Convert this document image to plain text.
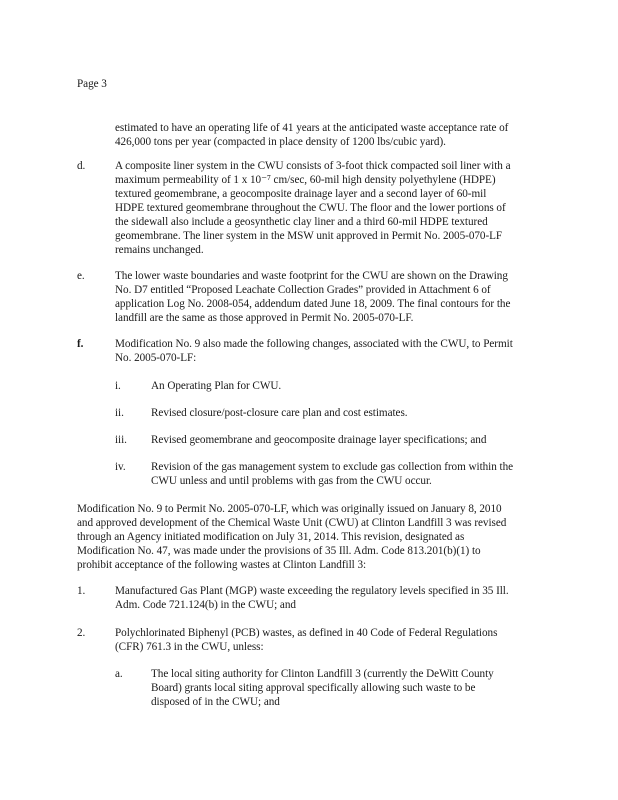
Page 3
estimated to have an operating life of 41 years at the anticipated waste acceptance rate of
426,000 tons per year (compacted in place density of 1200 lbs/cubic yard).
d.	A composite liner system in the CWU consists of 3-foot thick compacted soil liner with a
maximum permeability of 1 x 10⁻⁷ cm/sec, 60-mil high density polyethylene (HDPE)
textured geomembrane, a geocomposite drainage layer and a second layer of 60-mil
HDPE textured geomembrane throughout the CWU. The floor and the lower portions of
the sidewall also include a geosynthetic clay liner and a third 60-mil HDPE textured
geomembrane. The liner system in the MSW unit approved in Permit No. 2005-070-LF
remains unchanged.
e.	The lower waste boundaries and waste footprint for the CWU are shown on the Drawing
No. D7 entitled “Proposed Leachate Collection Grades” provided in Attachment 6 of
application Log No. 2008-054, addendum dated June 18, 2009. The final contours for the
landfill are the same as those approved in Permit No. 2005-070-LF.
f.	Modification No. 9 also made the following changes, associated with the CWU, to Permit
No. 2005-070-LF:
i.	An Operating Plan for CWU.
ii. Revised closure/post-closure care plan and cost estimates.
iii. Revised geomembrane and geocomposite drainage layer specifications; and
iv. Revision of the gas management system to exclude gas collection from within the
CWU unless and until problems with gas from the CWU occur.
Modification No. 9 to Permit No. 2005-070-LF, which was originally issued on January 8, 2010
and approved development of the Chemical Waste Unit (CWU) at Clinton Landfill 3 was revised
through an Agency initiated modification on July 31, 2014. This revision, designated as
Modification No. 47, was made under the provisions of 35 Ill. Adm. Code 813.201(b)(1) to
prohibit acceptance of the following wastes at Clinton Landfill 3:
1.	Manufactured Gas Plant (MGP) waste exceeding the regulatory levels specified in 35 Ill.
Adm. Code 721.124(b) in the CWU; and
2.	Polychlorinated Biphenyl (PCB) wastes, as defined in 40 Code of Federal Regulations
(CFR) 761.3 in the CWU, unless:
a.	The local siting authority for Clinton Landfill 3 (currently the DeWitt County
Board) grants local siting approval specifically allowing such waste to be
disposed of in the CWU; and
